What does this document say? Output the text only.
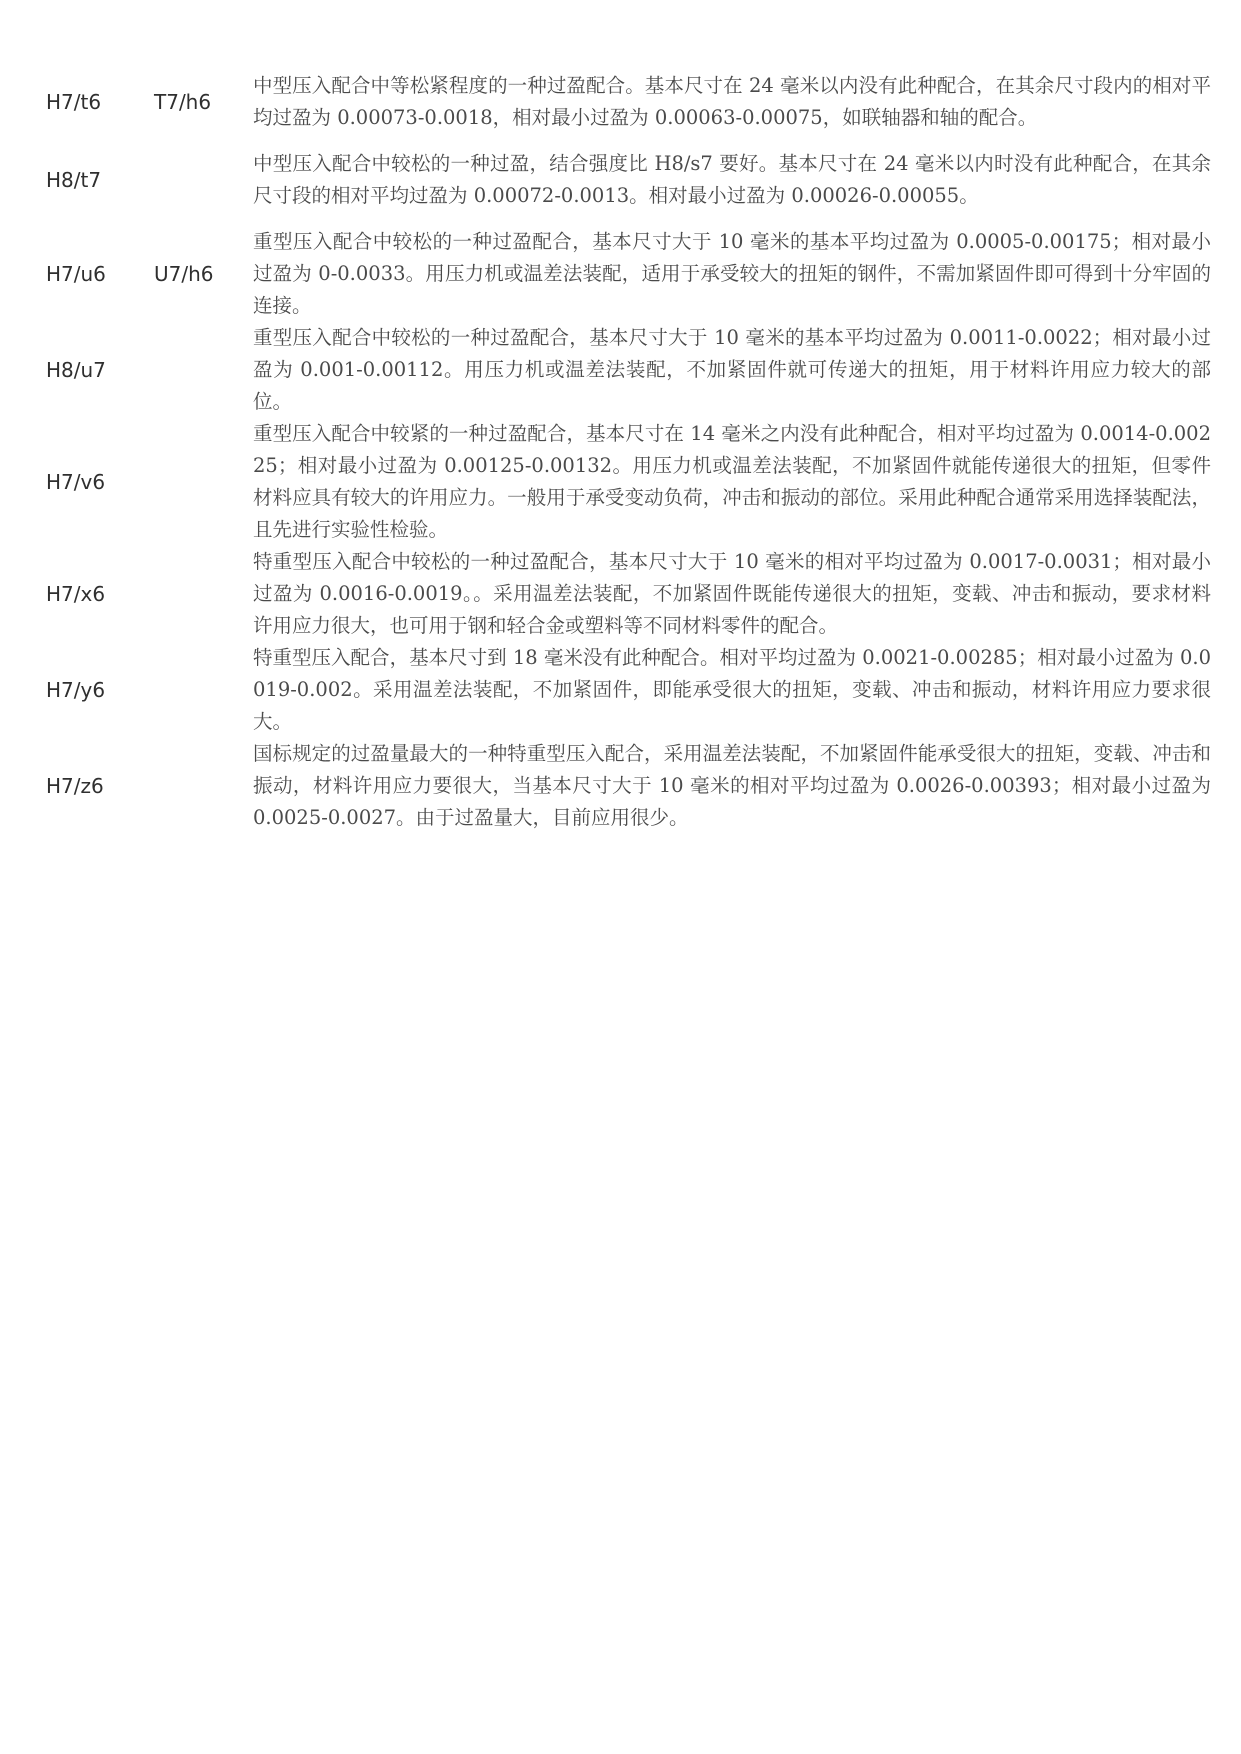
H7/t6	T7/h6	中型压入配合中等松紧程度的一种过盈配合。基本尺寸在 24 毫米以内没有此种配合，在其余尺寸段内的相对平均过盈为 0.00073-0.0018，相对最小过盈为 0.00063-0.00075，如联轴器和轴的配合。

H8/t7		中型压入配合中较松的一种过盈，结合强度比 H8/s7 要好。基本尺寸在 24 毫米以内时没有此种配合，在其余尺寸段的相对平均过盈为 0.00072-0.0013。相对最小过盈为 0.00026-0.00055。

H7/u6	U7/h6	重型压入配合中较松的一种过盈配合，基本尺寸大于 10 毫米的基本平均过盈为 0.0005-0.00175；相对最小过盈为 0-0.0033。用压力机或温差法装配，适用于承受较大的扭矩的钢件，不需加紧固件即可得到十分牢固的连接。
H8/u7		重型压入配合中较松的一种过盈配合，基本尺寸大于 10 毫米的基本平均过盈为 0.0011-0.0022；相对最小过盈为 0.001-0.00112。用压力机或温差法装配，不加紧固件就可传递大的扭矩，用于材料许用应力较大的部位。
H7/v6		重型压入配合中较紧的一种过盈配合，基本尺寸在 14 毫米之内没有此种配合，相对平均过盈为 0.0014-0.00225；相对最小过盈为 0.00125-0.00132。用压力机或温差法装配，不加紧固件就能传递很大的扭矩，但零件材料应具有较大的许用应力。一般用于承受变动负荷，冲击和振动的部位。采用此种配合通常采用选择装配法，且先进行实验性检验。
H7/x6		特重型压入配合中较松的一种过盈配合，基本尺寸大于 10 毫米的相对平均过盈为 0.0017-0.0031；相对最小过盈为 0.0016-0.0019。。采用温差法装配，不加紧固件既能传递很大的扭矩，变载、冲击和振动，要求材料许用应力很大，也可用于钢和轻合金或塑料等不同材料零件的配合。
H7/y6		特重型压入配合，基本尺寸到 18 毫米没有此种配合。相对平均过盈为 0.0021-0.00285；相对最小过盈为 0.0019-0.002。采用温差法装配，不加紧固件，即能承受很大的扭矩，变载、冲击和振动，材料许用应力要求很大。
H7/z6		国标规定的过盈量最大的一种特重型压入配合，采用温差法装配，不加紧固件能承受很大的扭矩，变载、冲击和振动，材料许用应力要很大，当基本尺寸大于 10 毫米的相对平均过盈为 0.0026-0.00393；相对最小过盈为 0.0025-0.0027。由于过盈量大，目前应用很少。
